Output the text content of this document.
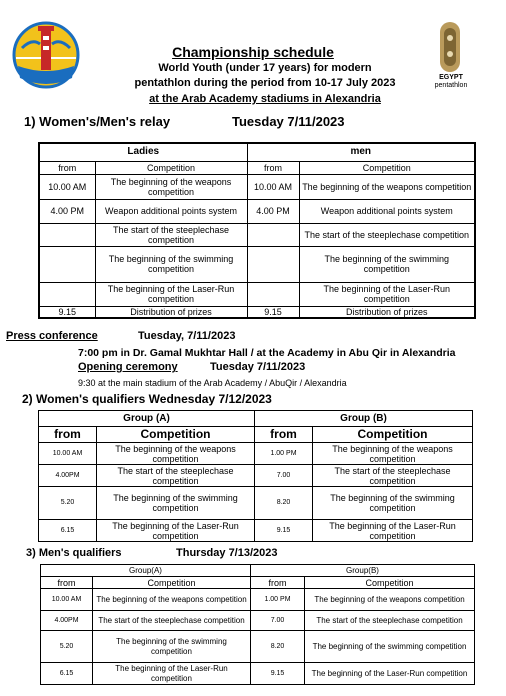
EGYPT
pentathlon
Championship schedule
World Youth (under 17 years) for modern
pentathlon during the period from 10-17 July 2023
at the Arab Academy stadiums in Alexandria
1) Women's/Men's relay	Tuesday 7/11/2023
Ladies		men	
from	Competition	from	Competition
10.00 AM	The beginning of the weapons competition	10.00 AM	The beginning of the weapons competition
4.00 PM	Weapon additional points system	4.00 PM	Weapon additional points system
	The start of the steeplechase competition		The start of the steeplechase competition
	The beginning of the swimming competition		The beginning of the swimming competition
	The beginning of the Laser-Run competition		The beginning of the Laser-Run competition
9.15	Distribution of prizes	9.15	Distribution of prizes
Press conference	Tuesday, 7/11/2023
7:00 pm in Dr. Gamal Mukhtar Hall / at the Academy in Abu Qir in Alexandria
Opening ceremony	Tuesday 7/11/2023
9:30 at the main stadium of the Arab Academy / AbuQir / Alexandria
2) Women's qualifiers Wednesday 7/12/2023
Group (A)		Group (B)	
from	Competition	from	Competition
10.00 AM	The beginning of the weapons competition	1.00 PM	The beginning of the weapons competition
4.00PM	The start of the steeplechase competition	7.00	The start of the steeplechase competition
5.20	The beginning of the swimming competition	8.20	The beginning of the swimming competition
6.15	The beginning of the Laser-Run competition	9.15	The beginning of the Laser-Run competition
3) Men's qualifiers	Thursday 7/13/2023
Group(A)		Group(B)	
from	Competition	from	Competition
10.00 AM	The beginning of the weapons competition	1.00 PM	The beginning of the weapons competition
4.00PM	The start of the steeplechase competition	7.00	The start of the steeplechase competition
5.20	The beginning of the swimming competition	8.20	The beginning of the swimming competition
6.15	The beginning of the Laser-Run competition	9.15	The beginning of the Laser-Run competition
